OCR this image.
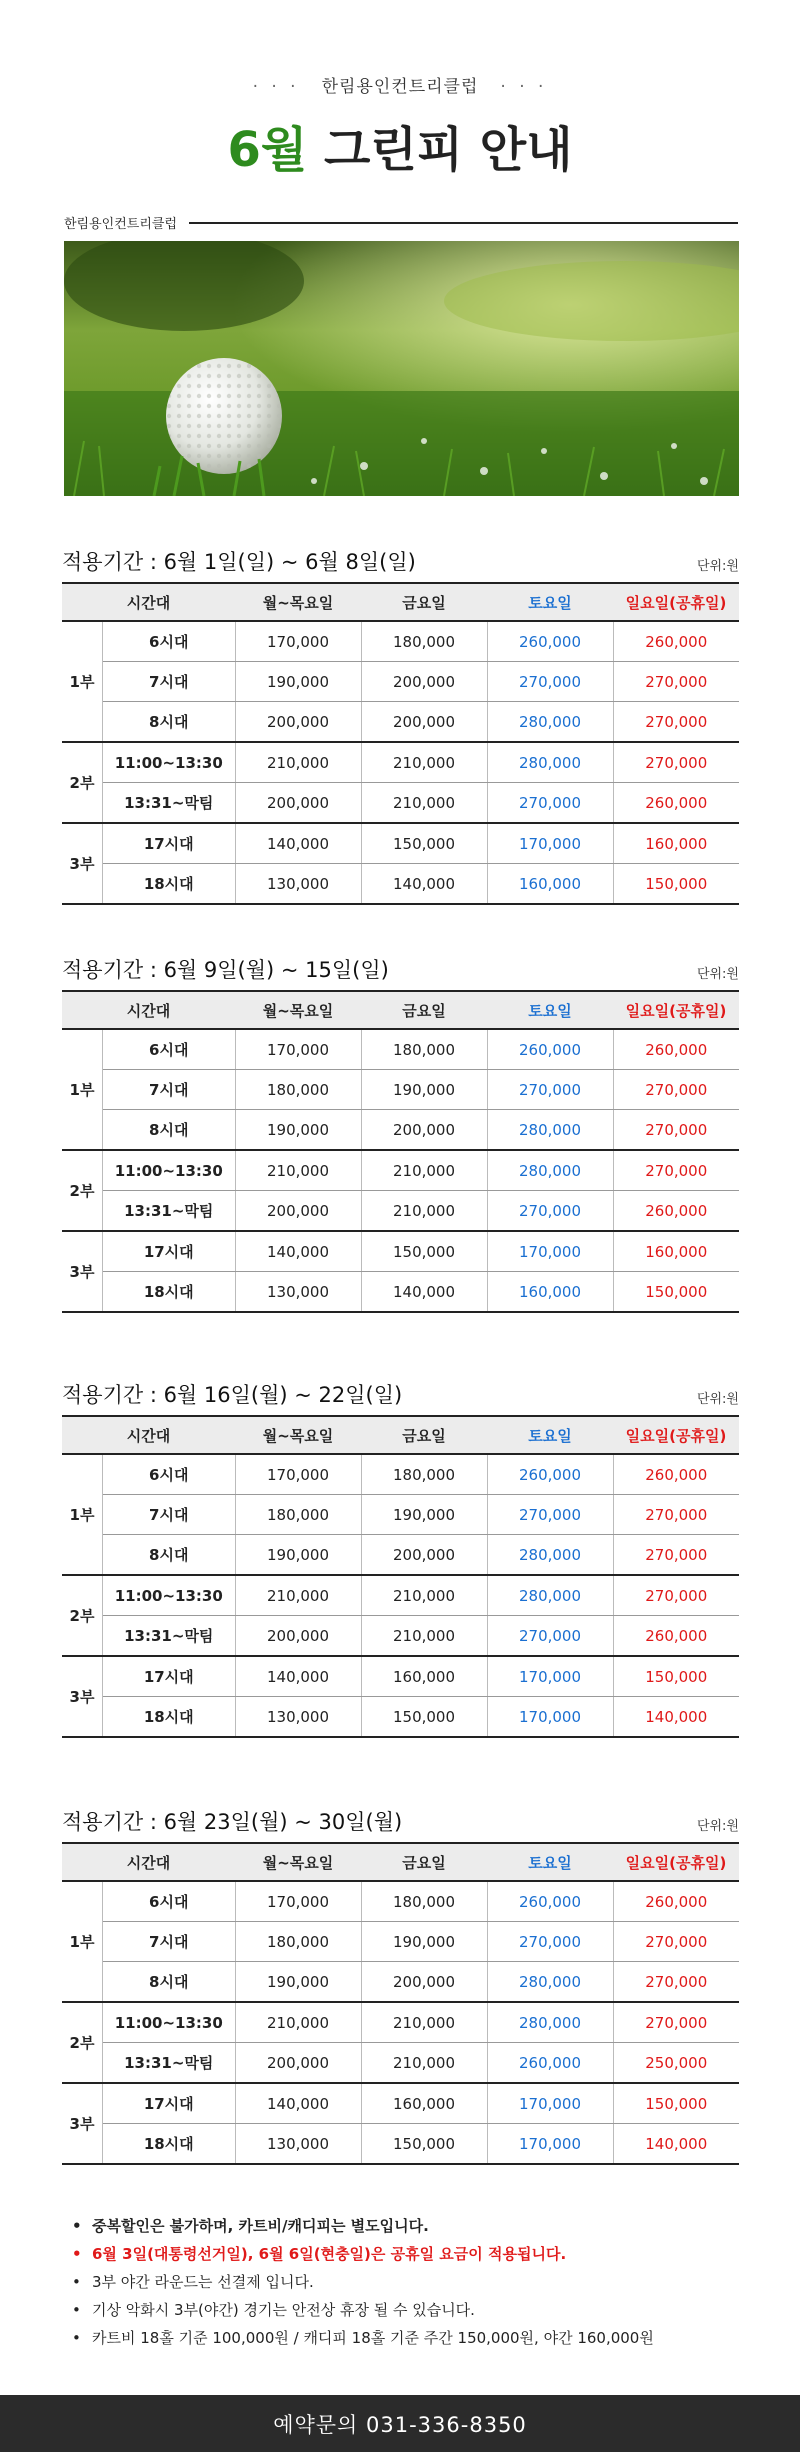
· · · 한림용인컨트리클럽 · · ·
6월 그린피 안내
한림용인컨트리클럽
적용기간 : 6월 1일(일) ~ 6월 8일(일)	단위:원
시간대		월~목요일	금요일	토요일	일요일(공휴일)
1부	6시대	170,000	180,000	260,000	260,000
	7시대	190,000	200,000	270,000	270,000
	8시대	200,000	200,000	280,000	270,000
2부	11:00~13:30	210,000	210,000	280,000	270,000
	13:31~막팀	200,000	210,000	270,000	260,000
3부	17시대	140,000	150,000	170,000	160,000
	18시대	130,000	140,000	160,000	150,000
적용기간 : 6월 9일(월) ~ 15일(일)	단위:원
시간대		월~목요일	금요일	토요일	일요일(공휴일)
1부	6시대	170,000	180,000	260,000	260,000
	7시대	180,000	190,000	270,000	270,000
	8시대	190,000	200,000	280,000	270,000
2부	11:00~13:30	210,000	210,000	280,000	270,000
	13:31~막팀	200,000	210,000	270,000	260,000
3부	17시대	140,000	150,000	170,000	160,000
	18시대	130,000	140,000	160,000	150,000
적용기간 : 6월 16일(월) ~ 22일(일)	단위:원
시간대		월~목요일	금요일	토요일	일요일(공휴일)
1부	6시대	170,000	180,000	260,000	260,000
	7시대	180,000	190,000	270,000	270,000
	8시대	190,000	200,000	280,000	270,000
2부	11:00~13:30	210,000	210,000	280,000	270,000
	13:31~막팀	200,000	210,000	270,000	260,000
3부	17시대	140,000	160,000	170,000	150,000
	18시대	130,000	150,000	170,000	140,000
적용기간 : 6월 23일(월) ~ 30일(월)	단위:원
시간대		월~목요일	금요일	토요일	일요일(공휴일)
1부	6시대	170,000	180,000	260,000	260,000
	7시대	180,000	190,000	270,000	270,000
	8시대	190,000	200,000	280,000	270,000
2부	11:00~13:30	210,000	210,000	280,000	270,000
	13:31~막팀	200,000	210,000	260,000	250,000
3부	17시대	140,000	160,000	170,000	150,000
	18시대	130,000	150,000	170,000	140,000
• 중복할인은 불가하며, 카트비/캐디피는 별도입니다.
• 6월 3일(대통령선거일), 6월 6일(현충일)은 공휴일 요금이 적용됩니다.
• 3부 야간 라운드는 선결제 입니다.
• 기상 악화시 3부(야간) 경기는 안전상 휴장 될 수 있습니다.
• 카트비 18홀 기준 100,000원 / 캐디피 18홀 기준 주간 150,000원, 야간 160,000원
예약문의 031-336-8350
